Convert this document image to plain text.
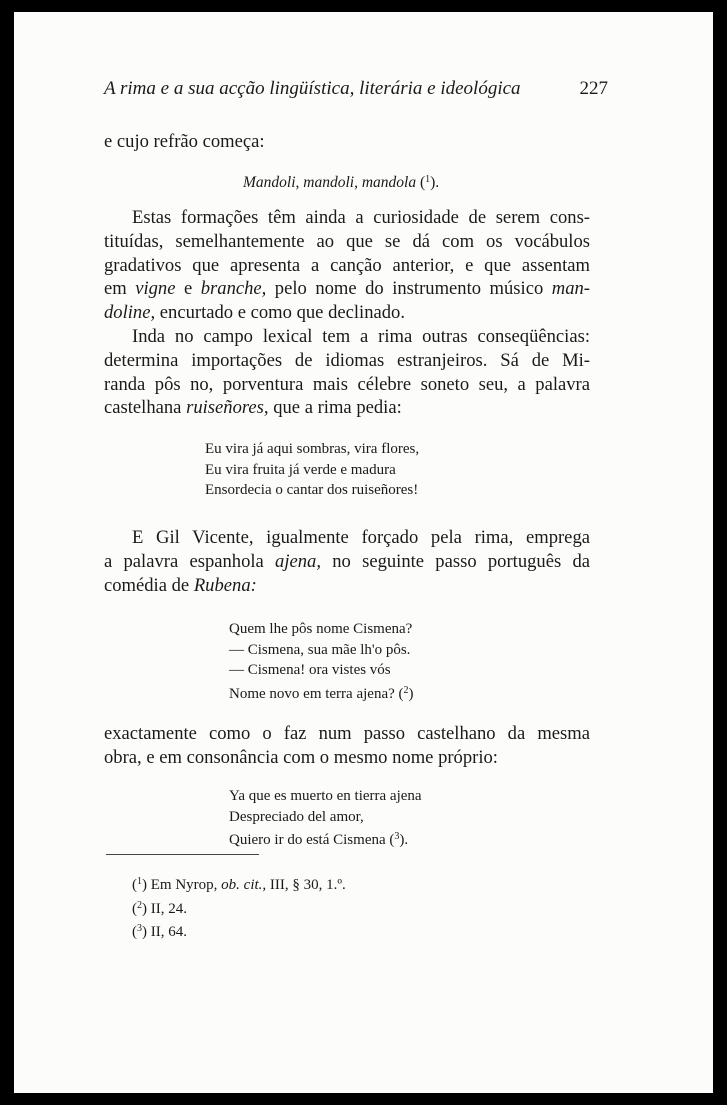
A rima e a sua acção lingüística, literária e ideológica	227

e cujo refrão começa:

Mandoli, mandoli, mandola ($^1$).
Estas formações têm ainda a curiosidade de serem cons-
tituídas, semelhantemente ao que se dá com os vocábulos
gradativos que apresenta a canção anterior, e que assentam
em vigne e branche, pelo nome do instrumento músico man-
doline, encurtado e como que declinado.
Inda no campo lexical tem a rima outras conseqüências:
determina importações de idiomas estranjeiros. Sá de Mi-
randa pôs no, porventura mais célebre soneto seu, a palavra
castelhana ruiseñores, que a rima pedia:
Eu vira já aqui sombras, vira flores,
Eu vira fruita já verde e madura
Ensordecia o cantar dos ruiseñores!
E Gil Vicente, igualmente forçado pela rima, emprega
a palavra espanhola ajena, no seguinte passo português da
comédia de Rubena:
Quem lhe pôs nome Cismena?
— Cismena, sua mãe lh'o pôs.
— Cismena! ora vistes vós
Nome novo em terra ajena? ($^2$)
exactamente como o faz num passo castelhano da mesma
obra, e em consonância com o mesmo nome próprio:
Ya que es muerto en tierra ajena
Despreciado del amor,
Quiero ir do está Cismena ($^3$).
($^1$) Em Nyrop, ob. cit., III, § 30, 1.º.
($^2$) II, 24.
($^3$) II, 64.
